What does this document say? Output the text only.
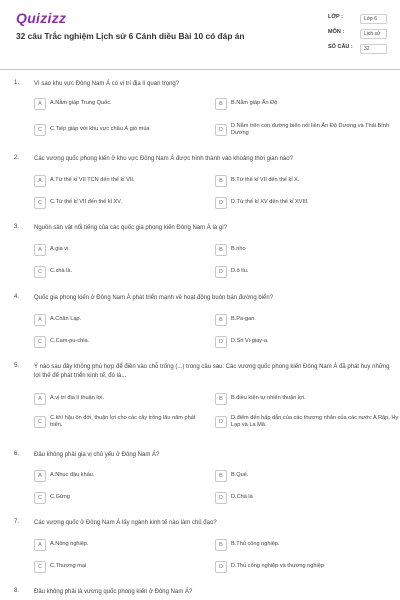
Quizizz
32 câu Trắc nghiệm Lịch sử 6 Cánh diều Bài 10 có đáp án
LỚP :	Lớp 6
MÔN :	Lịch sử
SỐ CÂU :	32
1. Vì sao khu vực Đông Nam Á có vị trí địa lí quan trọng?
A	A.Nằm giáp Trung Quốc.	B	B.Nằm giáp Ấn Độ
C	C.Tiếp giáp với khu vực châu Á gió mùa	D
D.Nằm trên con đường biển nối liền Ấn Độ Dương và Thái Bình Dương
2. Các vương quốc phong kiến ở khu vực Đông Nam Á được hình thành vào khoảng thời gian nào?
A	A.Từ thế kỉ VII TCN đến thế kỉ VII.	B	B.Từ thế kỉ VII đến thế kỉ X.
C	C.Từ thế kỉ VII đến thế kỉ XV.	D	D.Từ thế kỉ XV đến thế kỉ XVIII.
3. Nguồn sản vật nổi tiếng của các quốc gia phong kiến Đông Nam Á là gì?
A	A.gia vị.	B	B.nho
C	C.chà là.	D	D.ô liu.
4. Quốc gia phong kiến ở Đông Nam Á phát triển mạnh về hoạt động buôn bán đường biển?
A	A.Chân Lạp.	B	B.Pa-gan.
C	C.Cam-pu-chia.	D	D.Sri Vi-giay-a.
5. Ý nào sau đây không phù hợp để điền vào chỗ trống (...) trong câu sau: Các vương quốc phong kiến Đông Nam Á đã phát huy những lợi thế để phát triển kinh tế, đó là...
A	A.vị trí địa lí thuận lợi.	B	B.điều kiện tự nhiên thuận lợi.
C
C.khí hậu ôn đới, thuận lợi cho các cây trồng lâu năm phát triển.	D
D.điểm đến hấp dẫn của các thương nhân của các nước A Rập, Hy Lạp và La Mã.
6. Đâu không phải gia vị chủ yếu ở Đông Nam Á?
A	A.Nhục đậu khấu.	B	B.Quế.
C	C.Gừng	D	D.Chà là
7. Các vương quốc ở Đông Nam Á lấy ngành kinh tế nào làm chủ đạo?
A	A.Nông nghiệp.	B	B.Thủ công nghiệp.
C	C.Thương mại	D	D.Thủ công nghiệp và thương nghiệp
8. Đâu không phải là vương quốc phong kiến ở Đông Nam Á?
